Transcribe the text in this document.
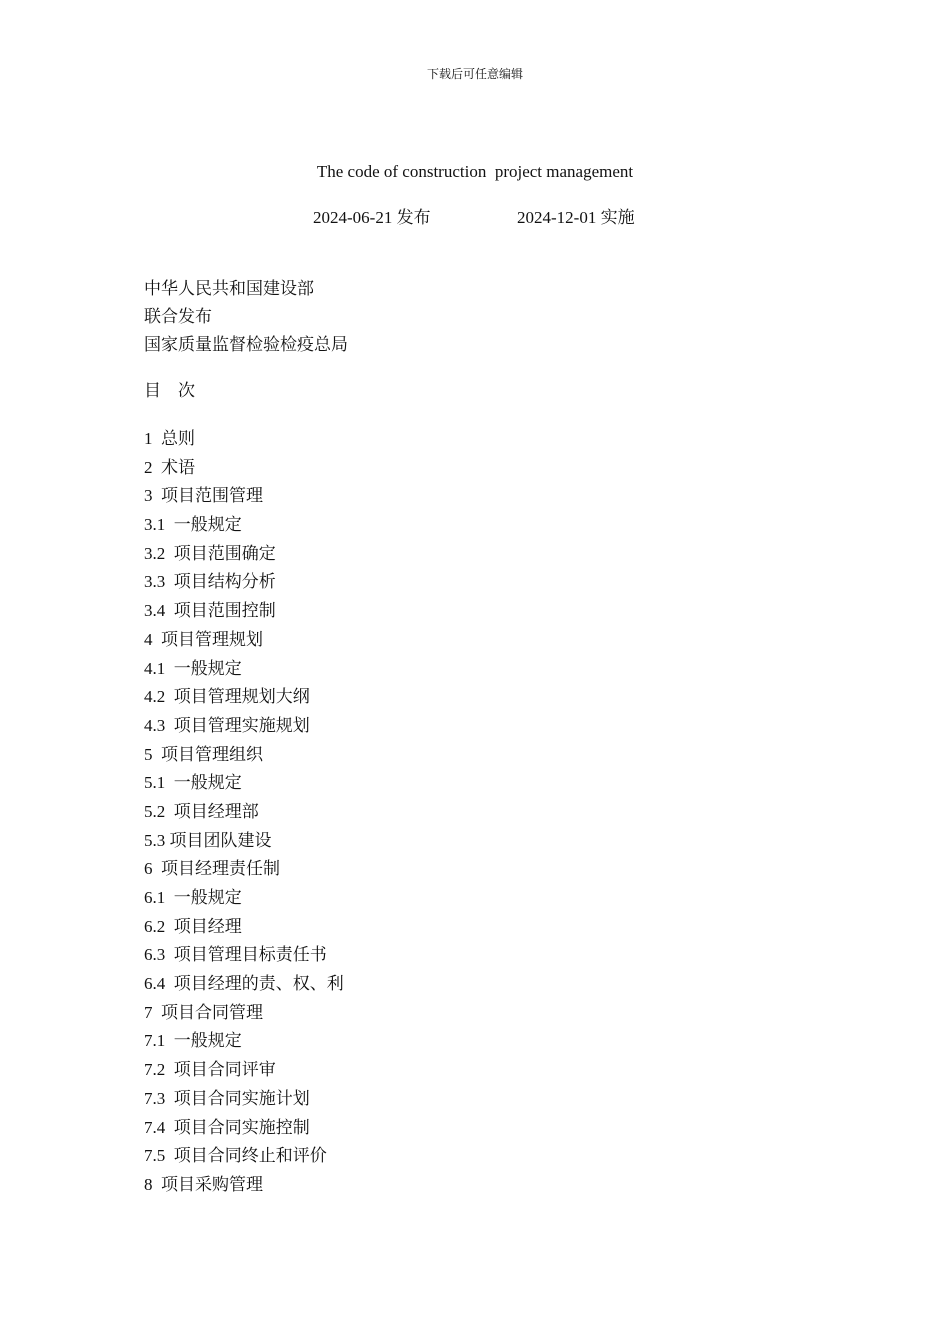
下载后可任意编辑
The code of construction  project management
2024-06-21 发布	2024-12-01 实施
中华人民共和国建设部
联合发布
国家质量监督检验检疫总局
目    次
1  总则
2  术语
3  项目范围管理
3.1  一般规定
3.2  项目范围确定
3.3  项目结构分析
3.4  项目范围控制
4  项目管理规划
4.1  一般规定
4.2  项目管理规划大纲
4.3  项目管理实施规划
5  项目管理组织
5.1  一般规定
5.2  项目经理部
5.3 项目团队建设
6  项目经理责任制
6.1  一般规定
6.2  项目经理
6.3  项目管理目标责任书
6.4  项目经理的责、权、利
7  项目合同管理
7.1  一般规定
7.2  项目合同评审
7.3  项目合同实施计划
7.4  项目合同实施控制
7.5  项目合同终止和评价
8  项目采购管理
